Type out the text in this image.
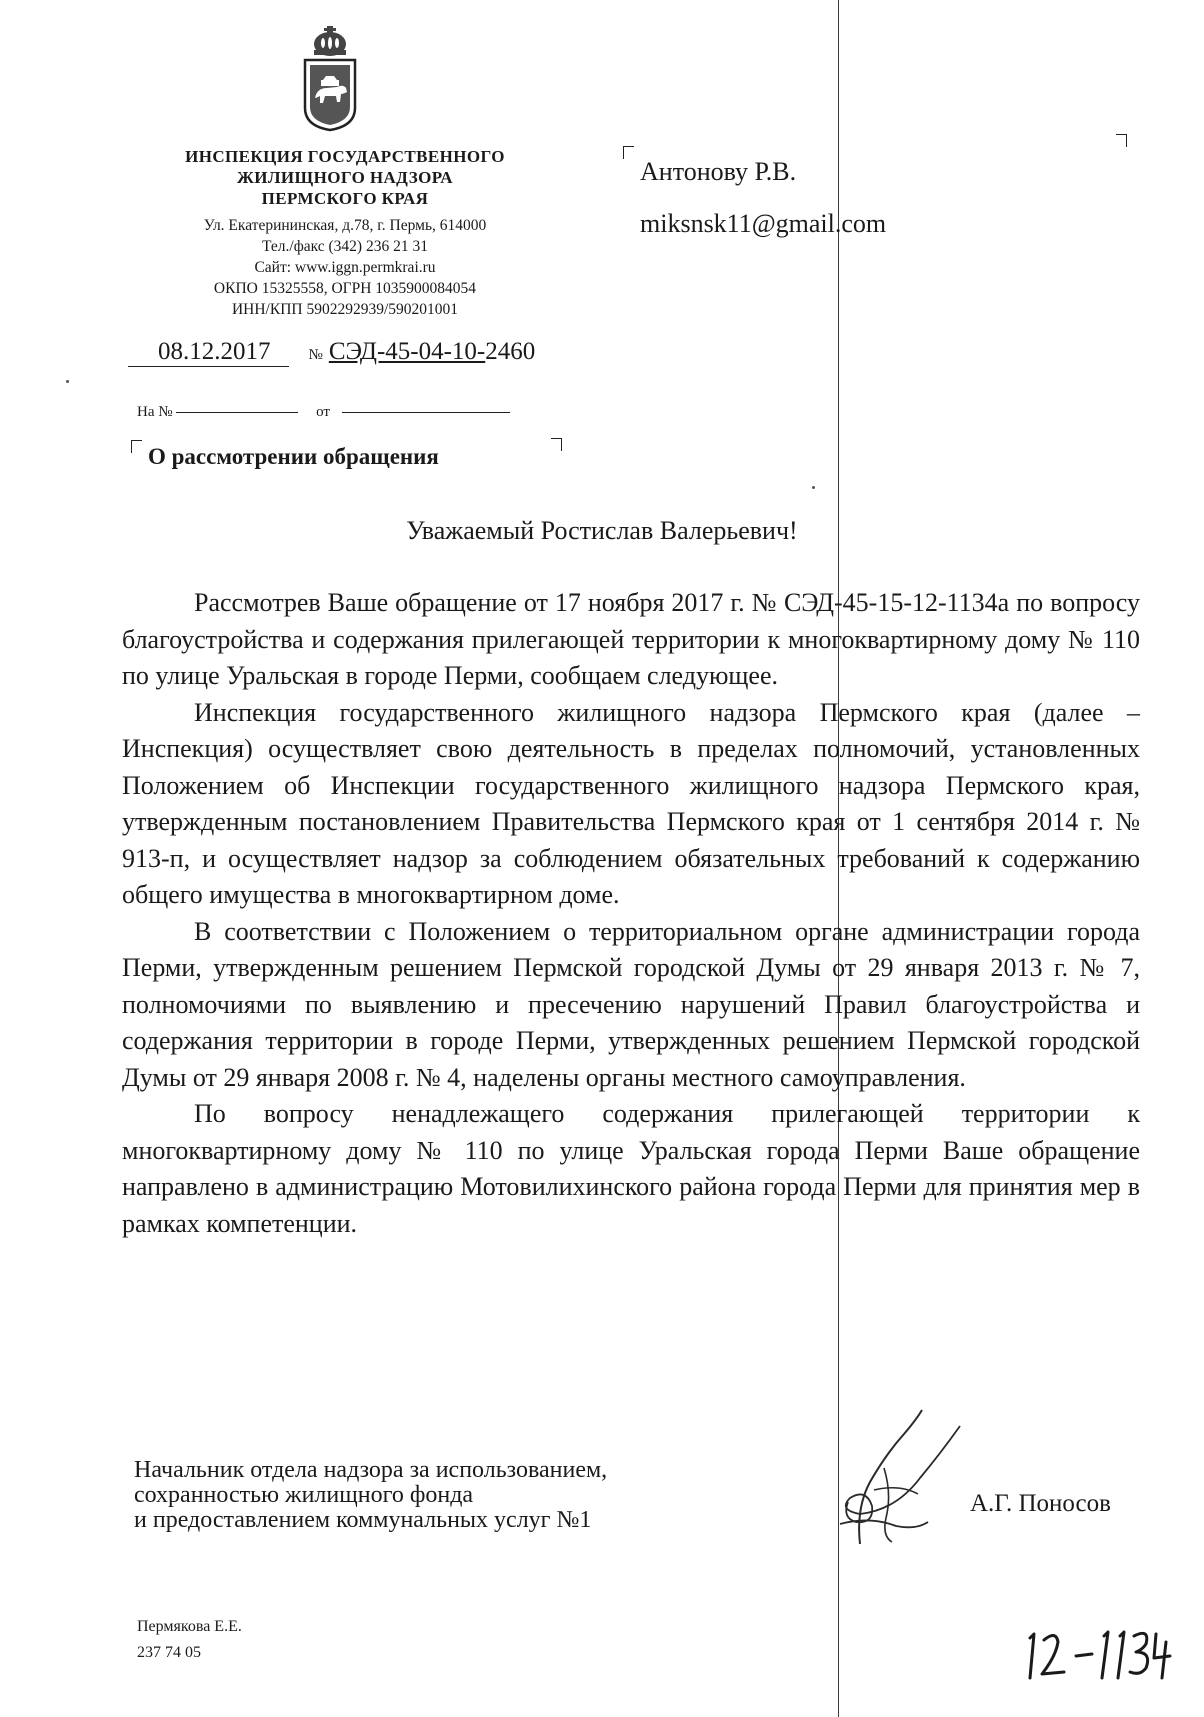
ИНСПЕКЦИЯ ГОСУДАРСТВЕННОГО
ЖИЛИЩНОГО НАДЗОРА
ПЕРМСКОГО КРАЯ
Ул. Екатерининская, д.78, г. Пермь, 614000
Тел./факс (342) 236 21 31
Сайт: www.iggn.permkrai.ru
ОКПО 15325558, ОГРН 1035900084054
ИНН/КПП 5902292939/590201001
08.12.2017	№ СЭД-45-04-10-2460
На №	от
О рассмотрении обращения
Антонову Р.В.
miksnsk11@gmail.com
Уважаемый Ростислав Валерьевич!

Рассмотрев Ваше обращение от 17 ноября 2017 г. № СЭД-45-15-12-1134а по вопросу благоустройства и содержания прилегающей территории к многоквартирному дому № 110 по улице Уральская в городе Перми, сообщаем следующее.

Инспекция государственного жилищного надзора Пермского края (далее – Инспекция) осуществляет свою деятельность в пределах полномочий, установленных Положением об Инспекции государственного жилищного надзора Пермского края, утвержденным постановлением Правительства Пермского края от 1 сентября 2014 г. № 913-п, и осуществляет надзор за соблюдением обязательных требований к содержанию общего имущества в многоквартирном доме.

В соответствии с Положением о территориальном органе администрации города Перми, утвержденным решением Пермской городской Думы от 29 января 2013 г. № 7, полномочиями по выявлению и пресечению нарушений Правил благоустройства и содержания территории в городе Перми, утвержденных решением Пермской городской Думы от 29 января 2008 г. № 4, наделены органы местного самоуправления.

По вопросу ненадлежащего содержания прилегающей территории к многоквартирному дому № 110 по улице Уральская города Перми Ваше обращение направлено в администрацию Мотовилихинского района города Перми для принятия мер в рамках компетенции.

Начальник отдела надзора за использованием,
сохранностью жилищного фонда
и предоставлением коммунальных услуг №1
А.Г. Поносов
Пермякова Е.Е.
237 74 05
